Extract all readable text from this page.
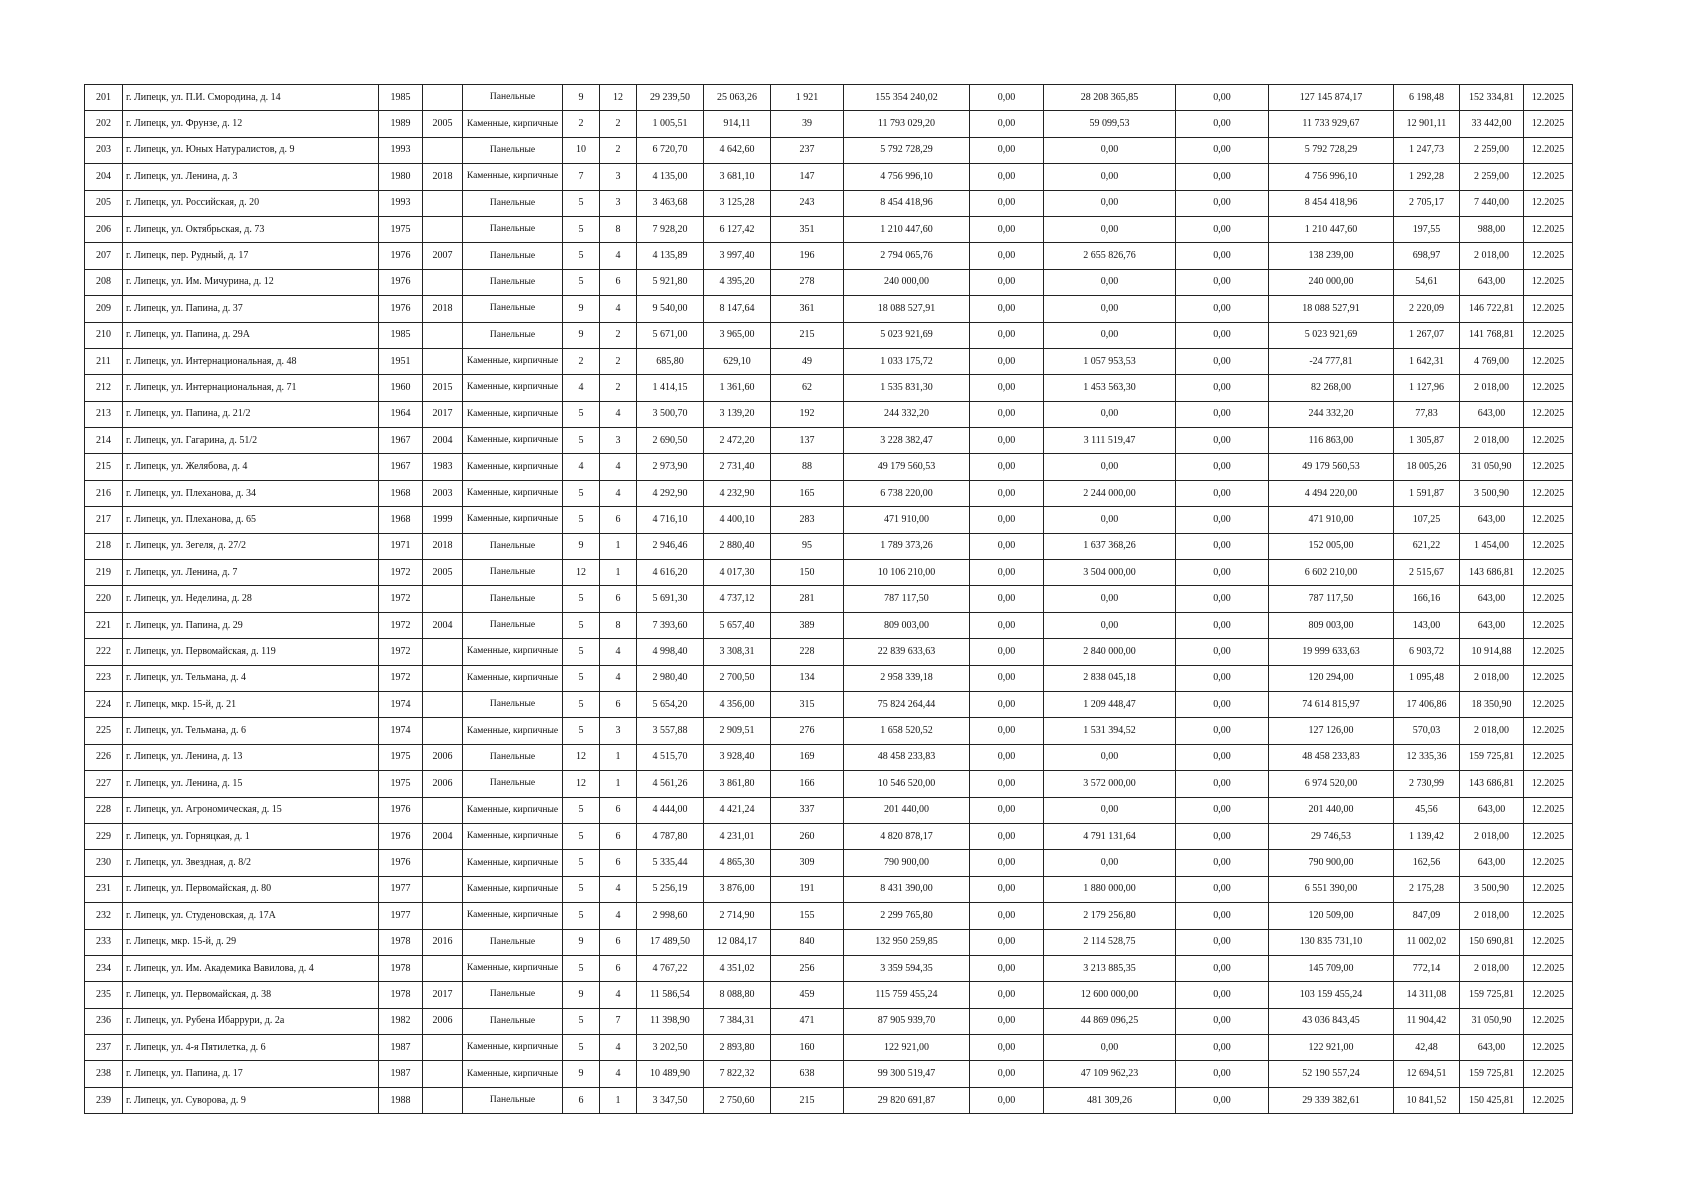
201	г. Липецк, ул. П.И. Смородина, д. 14	1985		Панельные	9	12	29 239,50	25 063,26	1 921	155 354 240,02	0,00	28 208 365,85	0,00	127 145 874,17	6 198,48	152 334,81	12.2025
202	г. Липецк, ул. Фрунзе, д. 12	1989	2005	Каменные, кирпичные	2	2	1 005,51	914,11	39	11 793 029,20	0,00	59 099,53	0,00	11 733 929,67	12 901,11	33 442,00	12.2025
203	г. Липецк, ул. Юных Натуралистов, д. 9	1993		Панельные	10	2	6 720,70	4 642,60	237	5 792 728,29	0,00	0,00	0,00	5 792 728,29	1 247,73	2 259,00	12.2025
204	г. Липецк, ул. Ленина, д. 3	1980	2018	Каменные, кирпичные	7	3	4 135,00	3 681,10	147	4 756 996,10	0,00	0,00	0,00	4 756 996,10	1 292,28	2 259,00	12.2025
205	г. Липецк, ул. Российская, д. 20	1993		Панельные	5	3	3 463,68	3 125,28	243	8 454 418,96	0,00	0,00	0,00	8 454 418,96	2 705,17	7 440,00	12.2025
206	г. Липецк, ул. Октябрьская, д. 73	1975		Панельные	5	8	7 928,20	6 127,42	351	1 210 447,60	0,00	0,00	0,00	1 210 447,60	197,55	988,00	12.2025
207	г. Липецк, пер. Рудный, д. 17	1976	2007	Панельные	5	4	4 135,89	3 997,40	196	2 794 065,76	0,00	2 655 826,76	0,00	138 239,00	698,97	2 018,00	12.2025
208	г. Липецк, ул. Им. Мичурина, д. 12	1976		Панельные	5	6	5 921,80	4 395,20	278	240 000,00	0,00	0,00	0,00	240 000,00	54,61	643,00	12.2025
209	г. Липецк, ул. Папина, д. 37	1976	2018	Панельные	9	4	9 540,00	8 147,64	361	18 088 527,91	0,00	0,00	0,00	18 088 527,91	2 220,09	146 722,81	12.2025
210	г. Липецк, ул. Папина, д. 29А	1985		Панельные	9	2	5 671,00	3 965,00	215	5 023 921,69	0,00	0,00	0,00	5 023 921,69	1 267,07	141 768,81	12.2025
211	г. Липецк, ул. Интернациональная, д. 48	1951		Каменные, кирпичные	2	2	685,80	629,10	49	1 033 175,72	0,00	1 057 953,53	0,00	-24 777,81	1 642,31	4 769,00	12.2025
212	г. Липецк, ул. Интернациональная, д. 71	1960	2015	Каменные, кирпичные	4	2	1 414,15	1 361,60	62	1 535 831,30	0,00	1 453 563,30	0,00	82 268,00	1 127,96	2 018,00	12.2025
213	г. Липецк, ул. Папина, д. 21/2	1964	2017	Каменные, кирпичные	5	4	3 500,70	3 139,20	192	244 332,20	0,00	0,00	0,00	244 332,20	77,83	643,00	12.2025
214	г. Липецк, ул. Гагарина, д. 51/2	1967	2004	Каменные, кирпичные	5	3	2 690,50	2 472,20	137	3 228 382,47	0,00	3 111 519,47	0,00	116 863,00	1 305,87	2 018,00	12.2025
215	г. Липецк, ул. Желябова, д. 4	1967	1983	Каменные, кирпичные	4	4	2 973,90	2 731,40	88	49 179 560,53	0,00	0,00	0,00	49 179 560,53	18 005,26	31 050,90	12.2025
216	г. Липецк, ул. Плеханова, д. 34	1968	2003	Каменные, кирпичные	5	4	4 292,90	4 232,90	165	6 738 220,00	0,00	2 244 000,00	0,00	4 494 220,00	1 591,87	3 500,90	12.2025
217	г. Липецк, ул. Плеханова, д. 65	1968	1999	Каменные, кирпичные	5	6	4 716,10	4 400,10	283	471 910,00	0,00	0,00	0,00	471 910,00	107,25	643,00	12.2025
218	г. Липецк, ул. Зегеля, д. 27/2	1971	2018	Панельные	9	1	2 946,46	2 880,40	95	1 789 373,26	0,00	1 637 368,26	0,00	152 005,00	621,22	1 454,00	12.2025
219	г. Липецк, ул. Ленина, д. 7	1972	2005	Панельные	12	1	4 616,20	4 017,30	150	10 106 210,00	0,00	3 504 000,00	0,00	6 602 210,00	2 515,67	143 686,81	12.2025
220	г. Липецк, ул. Неделина, д. 28	1972		Панельные	5	6	5 691,30	4 737,12	281	787 117,50	0,00	0,00	0,00	787 117,50	166,16	643,00	12.2025
221	г. Липецк, ул. Папина, д. 29	1972	2004	Панельные	5	8	7 393,60	5 657,40	389	809 003,00	0,00	0,00	0,00	809 003,00	143,00	643,00	12.2025
222	г. Липецк, ул. Первомайская, д. 119	1972		Каменные, кирпичные	5	4	4 998,40	3 308,31	228	22 839 633,63	0,00	2 840 000,00	0,00	19 999 633,63	6 903,72	10 914,88	12.2025
223	г. Липецк, ул. Тельмана, д. 4	1972		Каменные, кирпичные	5	4	2 980,40	2 700,50	134	2 958 339,18	0,00	2 838 045,18	0,00	120 294,00	1 095,48	2 018,00	12.2025
224	г. Липецк, мкр. 15-й, д. 21	1974		Панельные	5	6	5 654,20	4 356,00	315	75 824 264,44	0,00	1 209 448,47	0,00	74 614 815,97	17 406,86	18 350,90	12.2025
225	г. Липецк, ул. Тельмана, д. 6	1974		Каменные, кирпичные	5	3	3 557,88	2 909,51	276	1 658 520,52	0,00	1 531 394,52	0,00	127 126,00	570,03	2 018,00	12.2025
226	г. Липецк, ул. Ленина, д. 13	1975	2006	Панельные	12	1	4 515,70	3 928,40	169	48 458 233,83	0,00	0,00	0,00	48 458 233,83	12 335,36	159 725,81	12.2025
227	г. Липецк, ул. Ленина, д. 15	1975	2006	Панельные	12	1	4 561,26	3 861,80	166	10 546 520,00	0,00	3 572 000,00	0,00	6 974 520,00	2 730,99	143 686,81	12.2025
228	г. Липецк, ул. Агрономическая, д. 15	1976		Каменные, кирпичные	5	6	4 444,00	4 421,24	337	201 440,00	0,00	0,00	0,00	201 440,00	45,56	643,00	12.2025
229	г. Липецк, ул. Горняцкая, д. 1	1976	2004	Каменные, кирпичные	5	6	4 787,80	4 231,01	260	4 820 878,17	0,00	4 791 131,64	0,00	29 746,53	1 139,42	2 018,00	12.2025
230	г. Липецк, ул. Звездная, д. 8/2	1976		Каменные, кирпичные	5	6	5 335,44	4 865,30	309	790 900,00	0,00	0,00	0,00	790 900,00	162,56	643,00	12.2025
231	г. Липецк, ул. Первомайская, д. 80	1977		Каменные, кирпичные	5	4	5 256,19	3 876,00	191	8 431 390,00	0,00	1 880 000,00	0,00	6 551 390,00	2 175,28	3 500,90	12.2025
232	г. Липецк, ул. Студеновская, д. 17А	1977		Каменные, кирпичные	5	4	2 998,60	2 714,90	155	2 299 765,80	0,00	2 179 256,80	0,00	120 509,00	847,09	2 018,00	12.2025
233	г. Липецк, мкр. 15-й, д. 29	1978	2016	Панельные	9	6	17 489,50	12 084,17	840	132 950 259,85	0,00	2 114 528,75	0,00	130 835 731,10	11 002,02	150 690,81	12.2025
234	г. Липецк, ул. Им. Академика Вавилова, д. 4	1978		Каменные, кирпичные	5	6	4 767,22	4 351,02	256	3 359 594,35	0,00	3 213 885,35	0,00	145 709,00	772,14	2 018,00	12.2025
235	г. Липецк, ул. Первомайская, д. 38	1978	2017	Панельные	9	4	11 586,54	8 088,80	459	115 759 455,24	0,00	12 600 000,00	0,00	103 159 455,24	14 311,08	159 725,81	12.2025
236	г. Липецк, ул. Рубена Ибаррури, д. 2а	1982	2006	Панельные	5	7	11 398,90	7 384,31	471	87 905 939,70	0,00	44 869 096,25	0,00	43 036 843,45	11 904,42	31 050,90	12.2025
237	г. Липецк, ул. 4-я Пятилетка, д. 6	1987		Каменные, кирпичные	5	4	3 202,50	2 893,80	160	122 921,00	0,00	0,00	0,00	122 921,00	42,48	643,00	12.2025
238	г. Липецк, ул. Папина, д. 17	1987		Каменные, кирпичные	9	4	10 489,90	7 822,32	638	99 300 519,47	0,00	47 109 962,23	0,00	52 190 557,24	12 694,51	159 725,81	12.2025
239	г. Липецк, ул. Суворова, д. 9	1988		Панельные	6	1	3 347,50	2 750,60	215	29 820 691,87	0,00	481 309,26	0,00	29 339 382,61	10 841,52	150 425,81	12.2025
